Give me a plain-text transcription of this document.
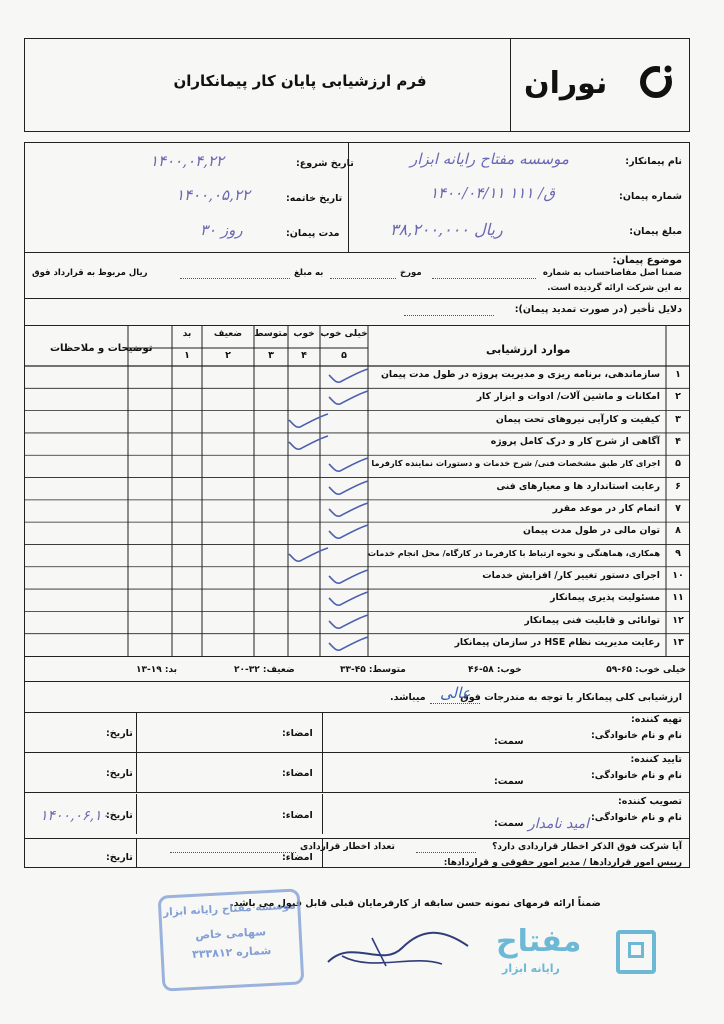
فرم ارزشیابی پایان کار پیمانکاران	نوران
نام پیمانکار:
موسسه مفتاح رایانه ابزار
شماره پیمان:
۱۴۰۰/۰۴/۱۱ ق/ ۱۱۱
مبلغ پیمان:
۳۸,۲۰۰,۰۰۰ ریال
تاریخ شروع:
۱۴۰۰,۰۴,۲۲
تاریخ خاتمه:
۱۴۰۰,۰۵,۲۲
مدت پیمان:
۳۰ روز
موضوع پیمان:
ضمنا اصل مفاصاحساب به شماره
مورخ
به مبلغ
ریال مربوط به قرارداد فوق
به این شرکت ارائه گردیده است.
دلایل تأخیر (در صورت تمدید پیمان):
موارد ارزشیابی
توضیحات و ملاحظات
خیلی خوب
۵
خوب
۴
متوسط
۳
ضعیف
۲
بد
۱
۱
سازماندهی، برنامه ریزی و مدیریت پروژه در طول مدت پیمان
۲
امکانات و ماشین آلات/ ادوات و ابزار کار
۳
کیفیت و کارآیی نیروهای تحت پیمان
۴
آگاهی از شرح کار و درک کامل پروژه
۵
اجرای کار طبق مشخصات فنی/ شرح خدمات و دستورات نماینده کارفرما
۶
رعایت استاندارد ها و معیارهای فنی
۷
اتمام کار در موعد مقرر
۸
توان مالی در طول مدت پیمان
۹
همکاری، هماهنگی و نحوه ارتباط با کارفرما در کارگاه/ محل انجام خدمات
۱۰
اجرای دستور تغییر کار/ افزایش خدمات
۱۱
مسئولیت پذیری پیمانکار
۱۲
توانائی و قابلیت فنی پیمانکار
۱۳
رعایت مدیریت نظام HSE در سازمان پیمانکار
خیلی خوب: ۶۵-۵۹
خوب: ۵۸-۴۶
متوسط: ۴۵-۳۳
ضعیف: ۳۲-۲۰
بد: ۱۹-۱۳
ارزشیابی کلی پیمانکار با توجه به مندرجات فوق
عالی
میباشد.
تهیه کننده:
نام و نام خانوادگی:
سمت:
امضاء:
تاریخ:
تایید کننده:
نام و نام خانوادگی:
سمت:
امضاء:
تاریخ:
تصویب کننده:
نام و نام خانوادگی:
سمت:
امضاء:
تاریخ:
امضاء:
تاریخ:
امید نامدار
۱۴۰۰,۰۶,۱۰
آیا شرکت فوق الذکر اخطار قراردادی دارد؟
تعداد اخطار قراردادی
رییس امور قراردادها / مدیر امور حقوقی و قراردادها:
ضمناً ارائه فرمهای نمونه حسن سابقه از کارفرمایان قبلی قابل قبول می باشد.
موسسه مفتاح رایانه ابزار
سهامی خاص
شماره ۳۳۳۸۱۲	مفتاح
رایانه ابزار
